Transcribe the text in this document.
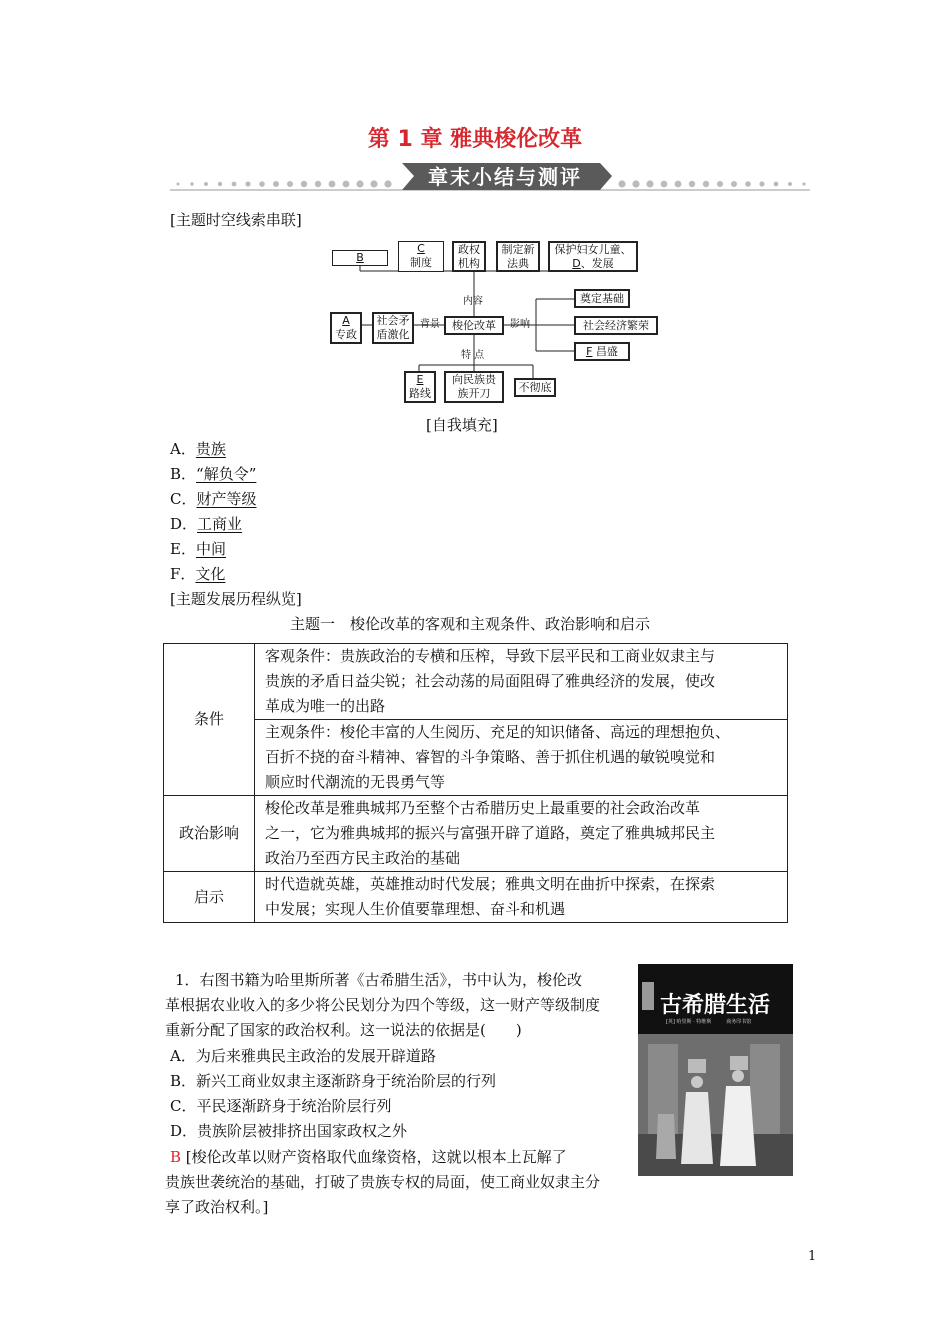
第 1 章 雅典梭伦改革
章末小结与测评
[主题时空线索串联]
B
C
制度
政权
机构
制定新
法典
保护妇女儿童、
D、发展
A
专政
社会矛
盾激化
梭伦改革
奠定基础
社会经济繁荣
F 昌盛
E
路线
向民族贵
族开刀	不彻底
内容
背景	影响
特 点
[自我填充]
A．贵族
B．“解负令”
C．财产等级
D．工商业
E．中间
F．文化
[主题发展历程纵览]
主题一　梭伦改革的客观和主观条件、政治影响和启示
条件	客观条件：贵族政治的专横和压榨，导致下层平民和工商业奴隶主与
贵族的矛盾日益尖锐；社会动荡的局面阻碍了雅典经济的发展，使改
革成为唯一的出路

	主观条件：梭伦丰富的人生阅历、充足的知识储备、高远的理想抱负、
百折不挠的奋斗精神、睿智的斗争策略、善于抓住机遇的敏锐嗅觉和
顺应时代潮流的无畏勇气等

政治影响	梭伦改革是雅典城邦乃至整个古希腊历史上最重要的社会政治改革
之一，它为雅典城邦的振兴与富强开辟了道路，奠定了雅典城邦民主
政治乃至西方民主政治的基础

启示	时代造就英雄，英雄推动时代发展；雅典文明在曲折中探索，在探索
中发展；实现人生价值要靠理想、奋斗和机遇
1．右图书籍为哈里斯所著《古希腊生活》，书中认为，梭伦改
革根据农业收入的多少将公民划分为四个等级，这一财产等级制度
重新分配了国家的政治权利。这一说法的依据是(　　)
A．为后来雅典民主政治的发展开辟道路
B．新兴工商业奴隶主逐渐跻身于统治阶层的行列
C．平民逐渐跻身于统治阶层行列
D．贵族阶层被排挤出国家政权之外
B [梭伦改革以财产资格取代血缘资格，这就以根本上瓦解了
贵族世袭统治的基础，打破了贵族专权的局面，使工商业奴隶主分
享了政治权利。]
古希腊生活
[英] 哈里斯 · 特维斯　　　商务印书馆
1
